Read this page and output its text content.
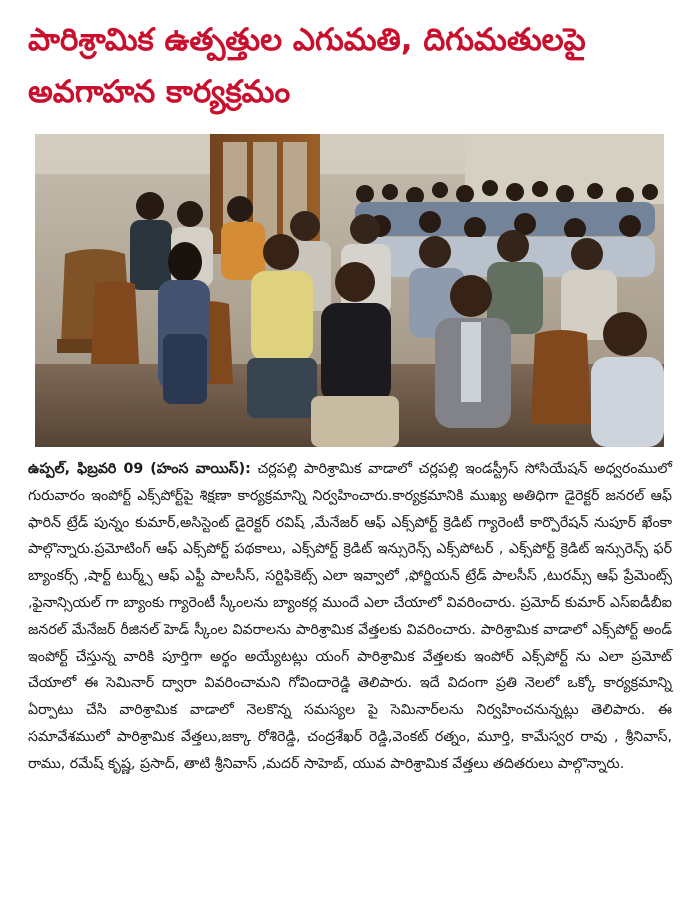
పారిశ్రామిక ఉత్పత్తుల ఎగుమతి, దిగుమతులపై
అవగాహన కార్యక్రమం

ఉప్పల్, ఫిబ్రవరి 09 (హంస వాయిస్): చర్లపల్లి పారిశ్రామిక వాడాలో చర్లపల్లి ఇండస్ట్రీస్ సోసియేషన్ అధ్వరంములో గురువారం ఇంపోర్ట్ ఎక్స్‌పోర్ట్‌పై శిక్షణా కార్యక్రమాన్ని నిర్వహించారు.కార్యక్రమానికి ముఖ్య అతిధిగా డైరెక్టర్ జనరల్ ఆఫ్ ఫారిన్ ట్రేడ్ పున్నం కుమార్,అసిస్టెంట్ డైరెక్టర్ రవిష్ ,మేనేజర్ ఆఫ్ ఎక్స్‌పోర్ట్ క్రెడిట్ గ్యారెంటీ కార్పొరేషన్ నుపూర్ ఖేంకా పాల్గొన్నారు.ప్రమోటింగ్ ఆఫ్ ఎక్స్‌పోర్ట్ పథకాలు, ఎక్స్‌పోర్ట్ క్రెడిట్ ఇన్సురెన్స్ ఎక్స్‌పోటర్ , ఎక్స్‌పోర్ట్ క్రెడిట్ ఇన్సురెన్స్ ఫర్ బ్యాంకర్స్ ,షార్ట్ టుర్మ్స్ ఆఫ్ ఎఫ్టీ పాలసీస్, సర్టిఫికెట్స్ ఎలా ఇవ్వాలో ,ఫోర్జియన్ ట్రేడ్ పాలసీస్ ,టురమ్స్ ఆఫ్ ప్రేమెంట్స్ ,ఫైనాన్సియల్ గా బ్యాంకు గ్యారెంటీ స్కీంలను బ్యాంకర్ల ముందే ఎలా చేయాలో వివరించారు. ప్రమోద్ కుమార్ ఎస్ఐడీబీఐ జనరల్ మేనేజర్ రీజినల్ హెడ్ స్కీంల వివరాలను పారిశ్రామిక వేత్తలకు వివరించారు. పారిశ్రామిక వాడాలో ఎక్స్‌పోర్ట్ అండ్ ఇంపోర్ట్ చేస్తున్న వారికి పూర్తిగా అర్థం అయ్యేటట్లు యంగ్ పారిశ్రామిక వేత్తలకు ఇంపోర్ ఎక్స్‌పోర్ట్ ను ఎలా ప్రమోట్ చేయాలో ఈ సెమినార్ ద్వారా వివరించామని గోవిందారెడ్డి తెలిపారు. ఇదే విదంగా ప్రతి నెలలో ఒక్కో కార్యక్రమాన్ని ఏర్పాటు చేసి వారిశ్రామిక వాడాలో నెలకొన్న సమస్యల పై సెమినార్‌లను నిర్వహించనున్నట్లు తెలిపారు. ఈ సమావేశములో పారిశ్రామిక వేత్తలు,జక్కా రోశిరెడ్డి, చంద్రశేఖర్ రెడ్డి,వెంకట్ రత్నం, మూర్తి, కామేస్వర రావు , శ్రీనివాస్, రాము, రమేష్ కృష్ణ, ప్రసాద్, తాటి శ్రీనివాస్ ,మదర్ సాహెబ్, యువ పారిశ్రామిక వేత్తలు తదితరులు పాల్గొన్నారు.
